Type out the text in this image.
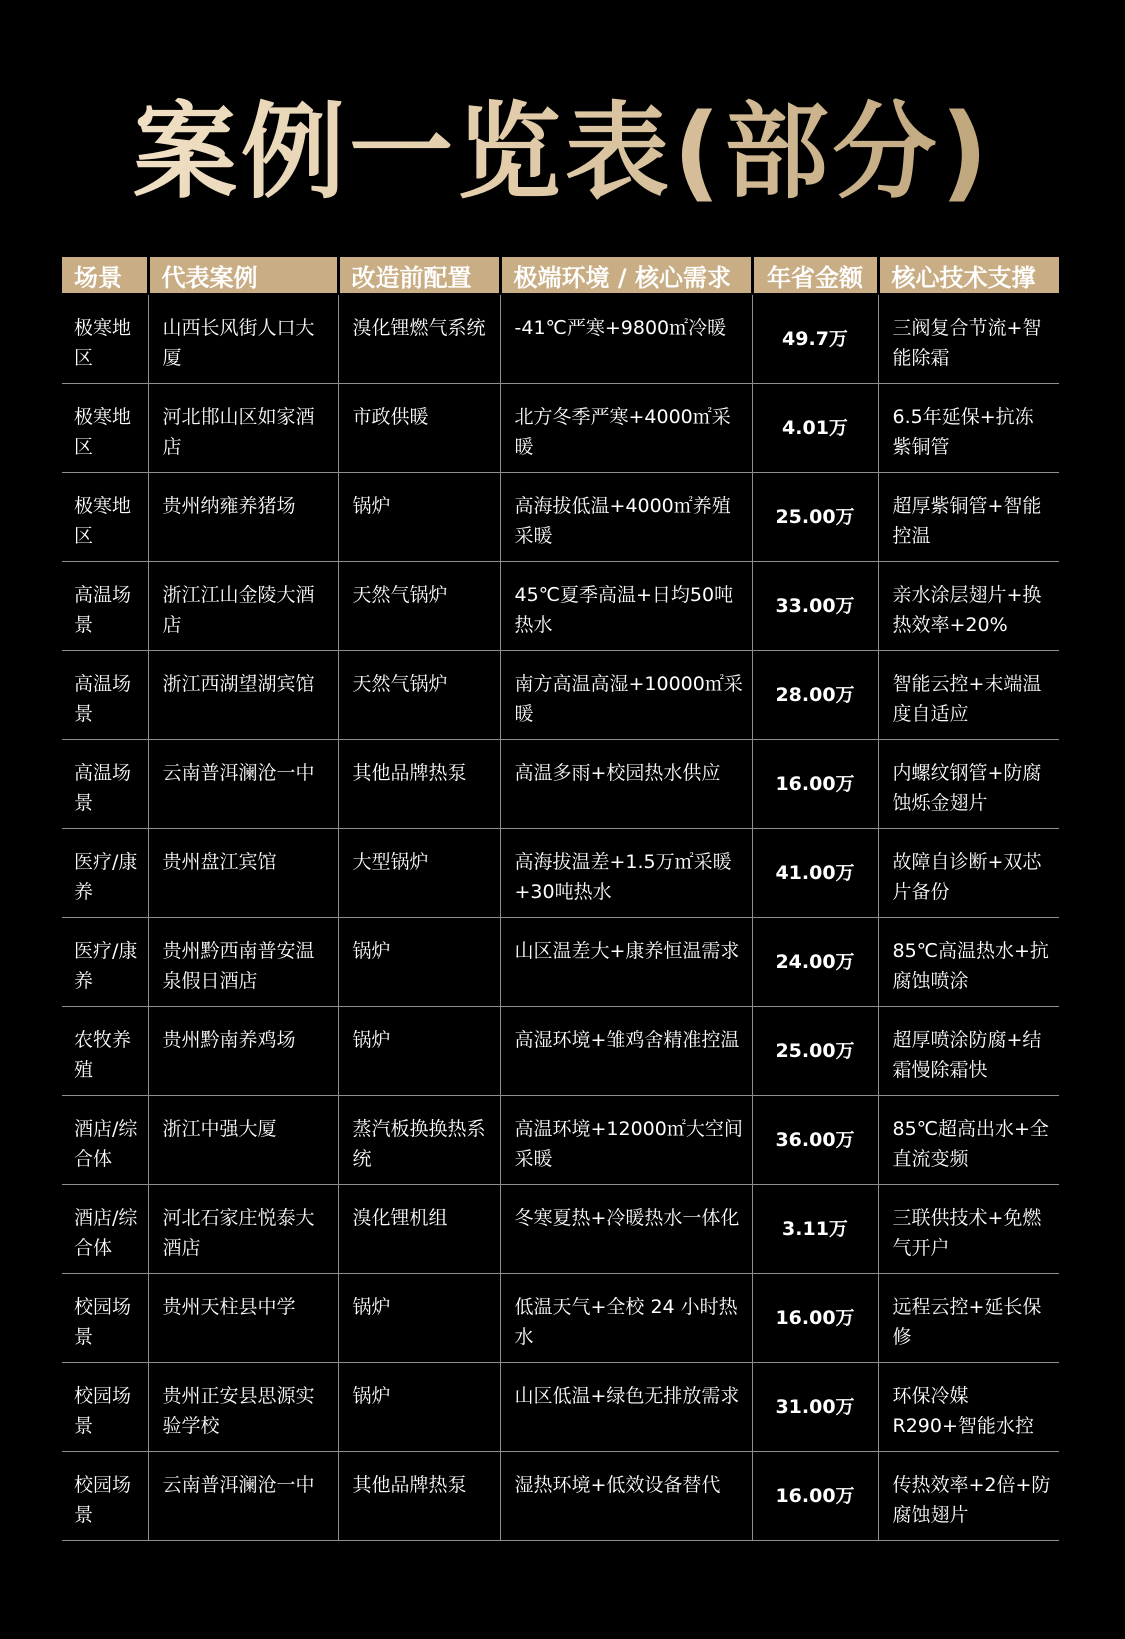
案例一览表(部分)
场景	代表案例	改造前配置	极端环境 / 核心需求	年省金额	核心技术支撑
极寒地区	山西长风街人口大厦	溴化锂燃气系统	-41℃严寒+9800㎡冷暖	49.7万	三阀复合节流+智能除霜
极寒地区	河北邯山区如家酒店	市政供暖	北方冬季严寒+4000㎡采暖	4.01万	6.5年延保+抗冻紫铜管
极寒地区	贵州纳雍养猪场	锅炉	高海拔低温+4000㎡养殖采暖	25.00万	超厚紫铜管+智能控温
高温场景	浙江江山金陵大酒店	天然气锅炉	45℃夏季高温+日均50吨热水	33.00万	亲水涂层翅片+换热效率+20%
高温场景	浙江西湖望湖宾馆	天然气锅炉	南方高温高湿+10000㎡采暖	28.00万	智能云控+末端温度自适应
高温场景	云南普洱澜沧一中	其他品牌热泵	高温多雨+校园热水供应	16.00万	内螺纹钢管+防腐蚀烁金翅片
医疗/康养	贵州盘江宾馆	大型锅炉	高海拔温差+1.5万㎡采暖+30吨热水	41.00万	故障自诊断+双芯片备份
医疗/康养	贵州黔西南普安温泉假日酒店	锅炉	山区温差大+康养恒温需求	24.00万	85℃高温热水+抗腐蚀喷涂
农牧养殖	贵州黔南养鸡场	锅炉	高湿环境+雏鸡舍精准控温	25.00万	超厚喷涂防腐+结霜慢除霜快
酒店/综合体	浙江中强大厦	蒸汽板换换热系统	高温环境+12000㎡大空间采暖	36.00万	85℃超高出水+全直流变频
酒店/综合体	河北石家庄悦泰大酒店	溴化锂机组	冬寒夏热+冷暖热水一体化	3.11万	三联供技术+免燃气开户
校园场景	贵州天柱县中学	锅炉	低温天气+全校 24 小时热水	16.00万	远程云控+延长保修
校园场景	贵州正安县思源实验学校	锅炉	山区低温+绿色无排放需求	31.00万	环保冷媒R290+智能水控
校园场景	云南普洱澜沧一中	其他品牌热泵	湿热环境+低效设备替代	16.00万	传热效率+2倍+防腐蚀翅片
